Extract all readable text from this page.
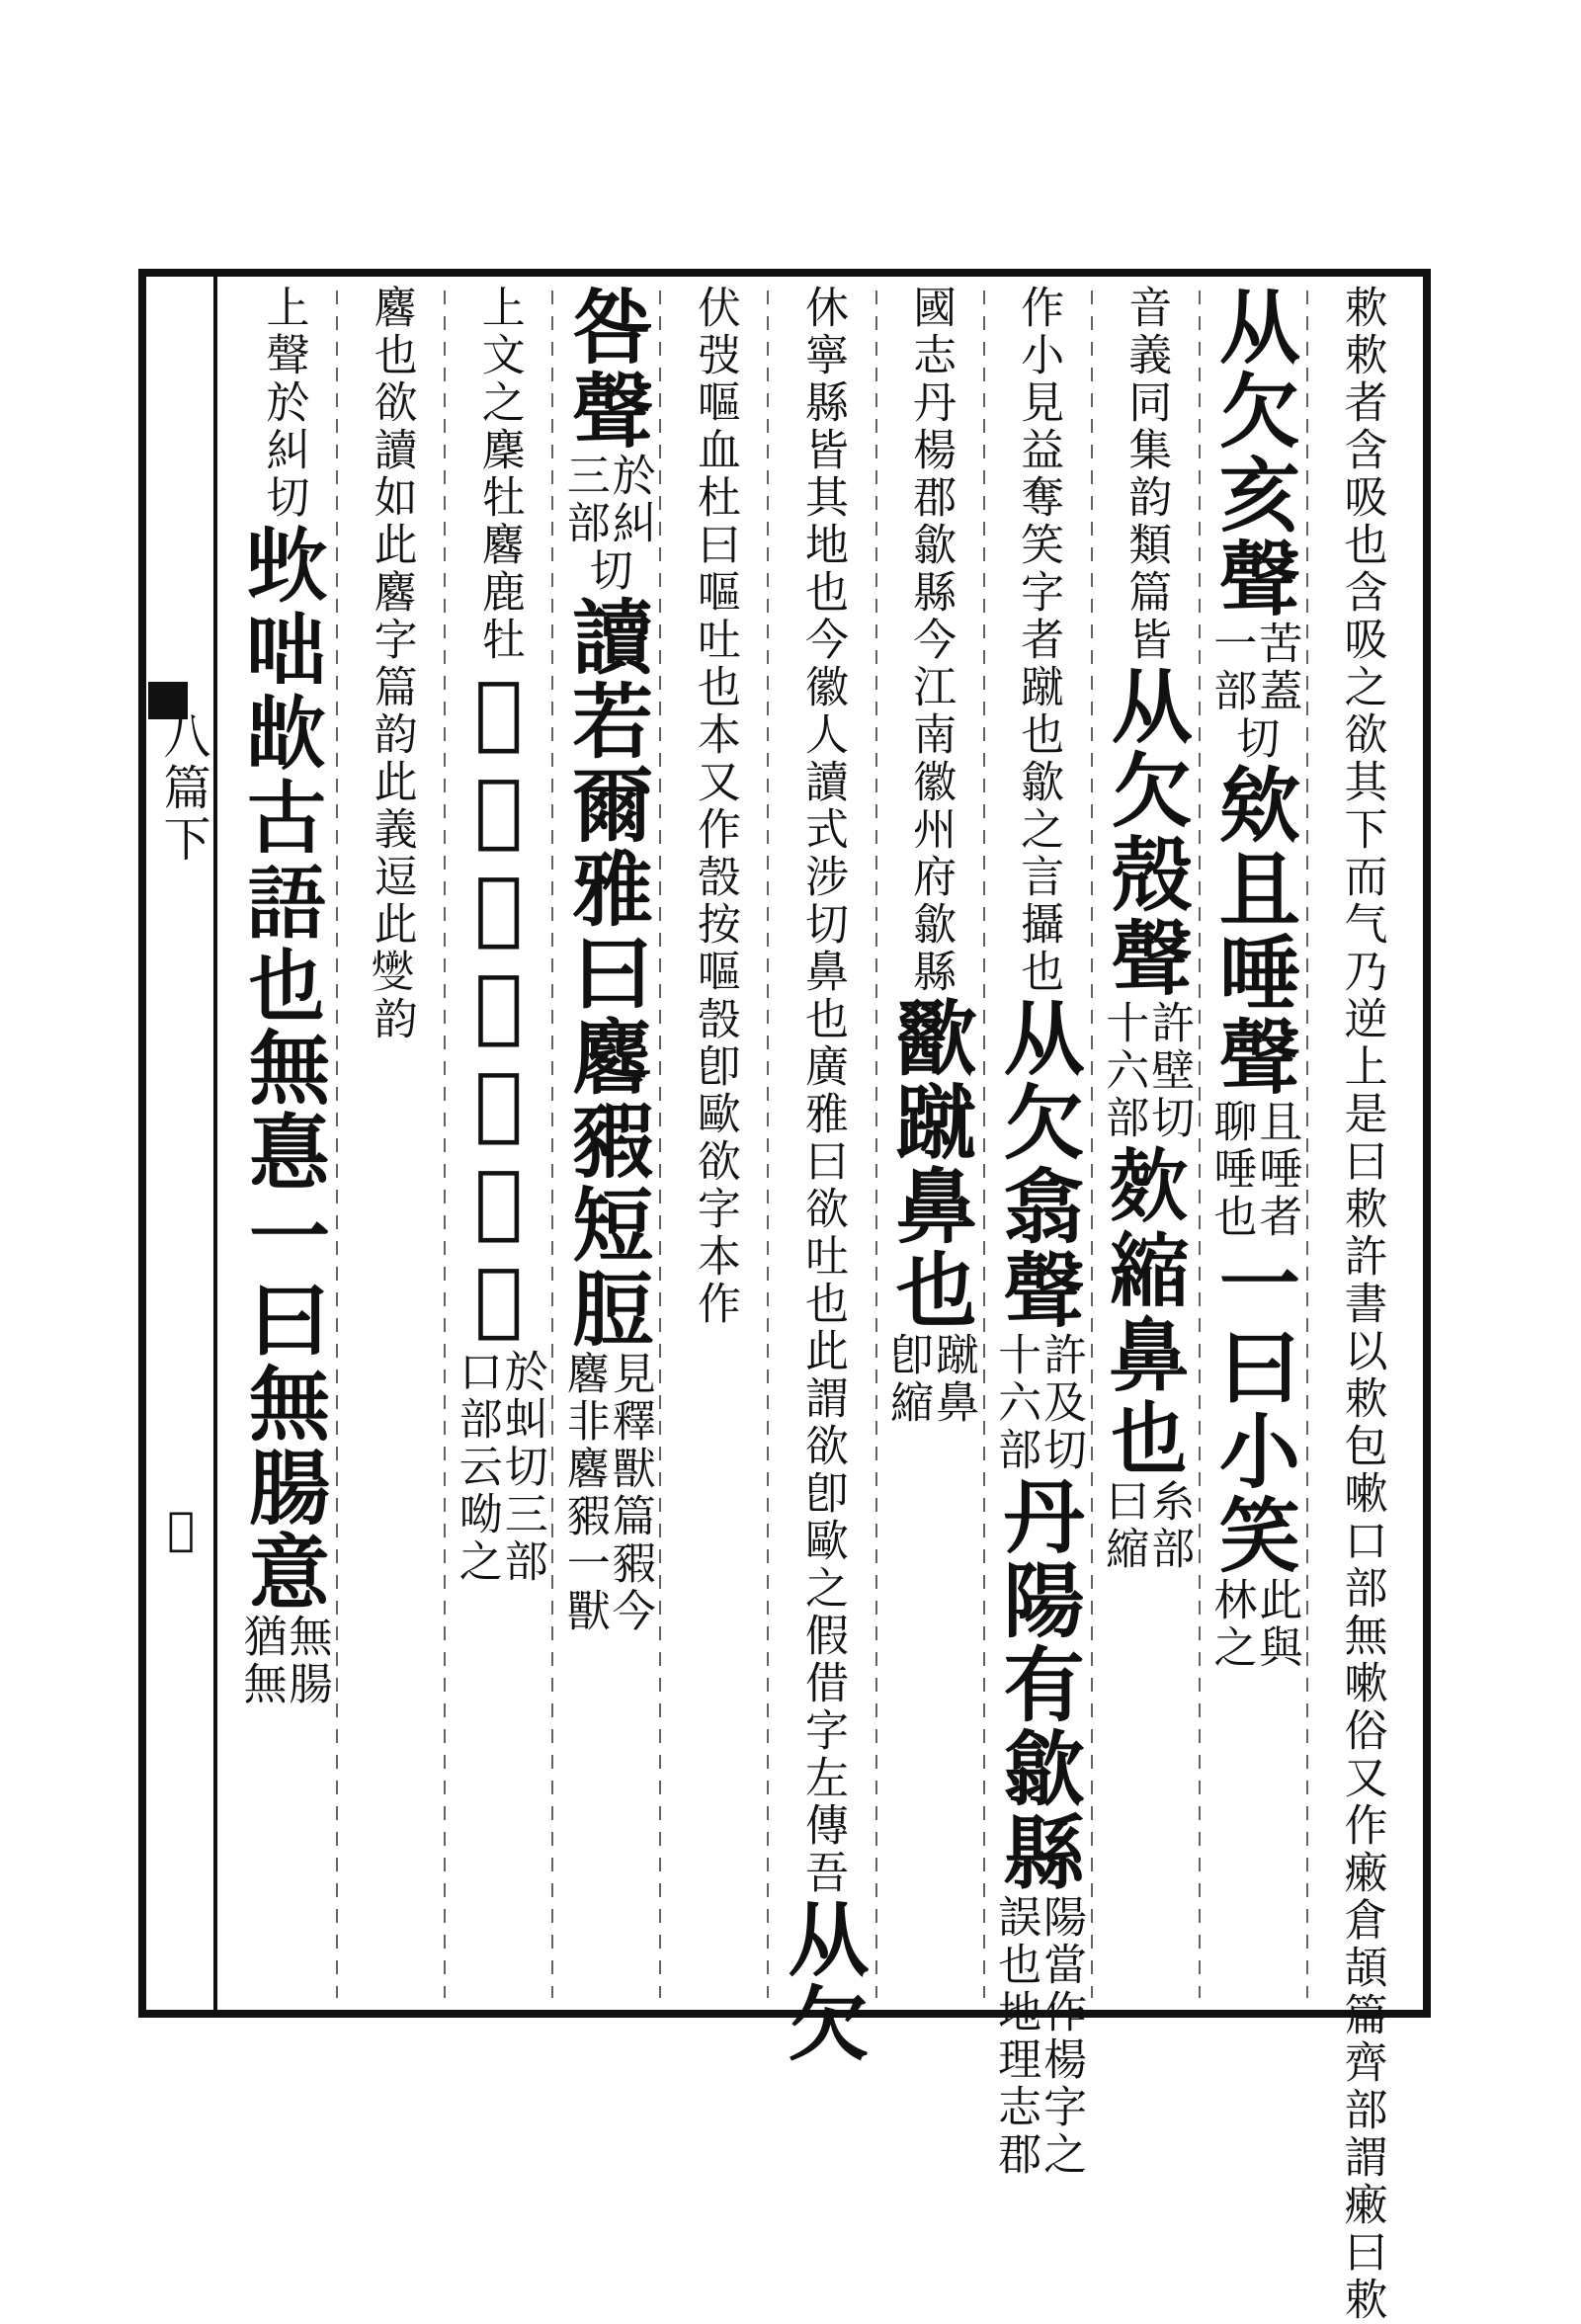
八篇下
𠀌
欶欶者含吸也含吸之欲其下而气乃逆上是曰欶許書
以欶包嗽口部無嗽俗又作瘷倉頡篇齊部謂瘷曰欶
从欠亥聲
苦蓋
一部
切
欸且唾聲
且唾者
聊唾也
一曰小笑
此與
林之
音義同集韵類篇皆
从欠殻聲
許壁切
十六部
𣣋縮鼻也
糸部
曰縮
作小見益奪笑字
者蹴也歙之言攝也
从欠翕聲
許及切
十六部
丹陽有歙縣
陽當作楊字之
誤也地理志郡
國志丹楊郡歙縣今江南徽州府歙縣
歠蹴鼻也
蹴鼻
卽縮
休寧縣皆其地也今徽人讀式涉切
鼻也廣雅曰欲吐也此謂欲卽歐之假借字左傳吾
从欠
伏弢嘔血杜曰嘔吐也本又作嗀按嘔嗀卽歐欲字
本作
咎聲
於糾
三部
切
讀若爾雅曰麔豭短脰
見釋獸篇豭今
麔非麔豭一獸
上文之麇牡麔鹿牡
𣢵愁皃从欠幼聲
於虯切三部
口部云呦之
麔也欲讀如此麔
字篇韵此義
逗此𤎬韵
上聲於糾切
𣢑咄欪古語也
無惪一曰無腸意
無腸
猶無
